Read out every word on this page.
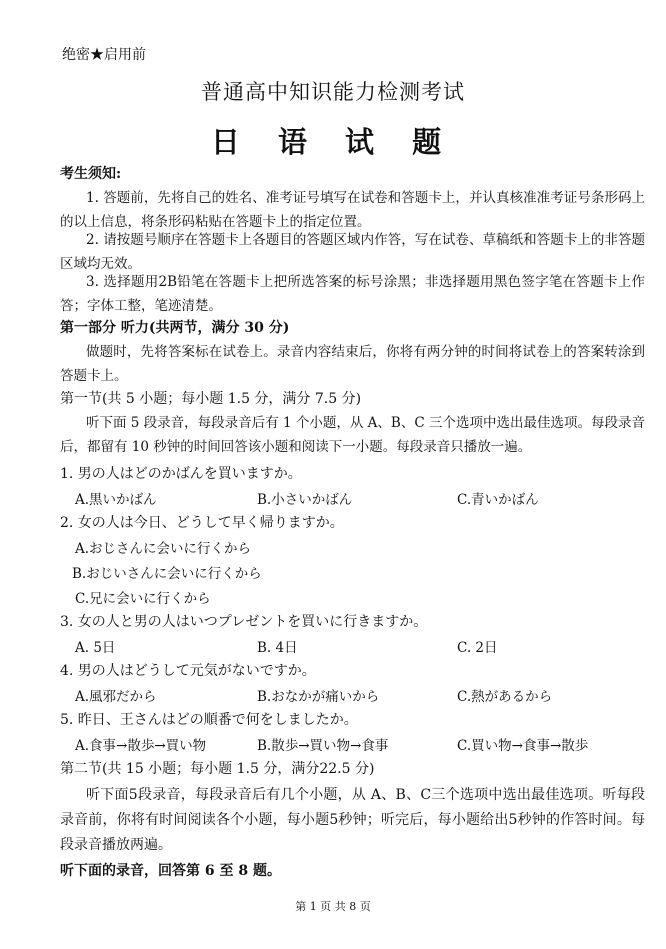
绝密★启用前
普通高中知识能力检测考试
日 语 试 题
考生须知:
1. 答题前，先将自己的姓名、准考证号填写在试卷和答题卡上，并认真核准准考证号条形码上的以上信息，将条形码粘贴在答题卡上的指定位置。
2. 请按题号顺序在答题卡上各题目的答题区域内作答，写在试卷、草稿纸和答题卡上的非答题区域均无效。
3. 选择题用2B铅笔在答题卡上把所选答案的标号涂黑；非选择题用黑色签字笔在答题卡上作答；字体工整，笔迹清楚。
第一部分 听力(共两节，满分 30 分)
做题时，先将答案标在试卷上。录音内容结束后，你将有两分钟的时间将试卷上的答案转涂到答题卡上。
第一节(共 5 小题；每小题 1.5 分，满分 7.5 分)
听下面 5 段录音，每段录音后有 1 个小题，从 A、B、C 三个选项中选出最佳选项。每段录音后，都留有 10 秒钟的时间回答该小题和阅读下一小题。每段录音只播放一遍。
1. 男の人はどのかばんを買いますか。
A.黒いかばん	B.小さいかばん	C.青いかばん
2. 女の人は今日、どうして早く帰りますか。
A.おじさんに会いに行くから
B.おじいさんに会いに行くから
C.兄に会いに行くから
3. 女の人と男の人はいつプレゼントを買いに行きますか。
A. 5日	B. 4日	C. 2日
4. 男の人はどうして元気がないですか。
A.風邪だから	B.おなかが痛いから	C.熱があるから
5. 昨日、王さんはどの順番で何をしましたか。
A.食事→散歩→買い物	B.散歩→買い物→食事	C.買い物→食事→散歩
第二节(共 15 小题；每小题 1.5 分，满分22.5 分)
听下面5段录音，每段录音后有几个小题，从 A、B、C三个选项中选出最佳选项。听每段录音前，你将有时间阅读各个小题，每小题5秒钟；听完后，每小题给出5秒钟的作答时间。每段录音播放两遍。
听下面的录音，回答第 6 至 8 题。
第 1 页 共 8 页
